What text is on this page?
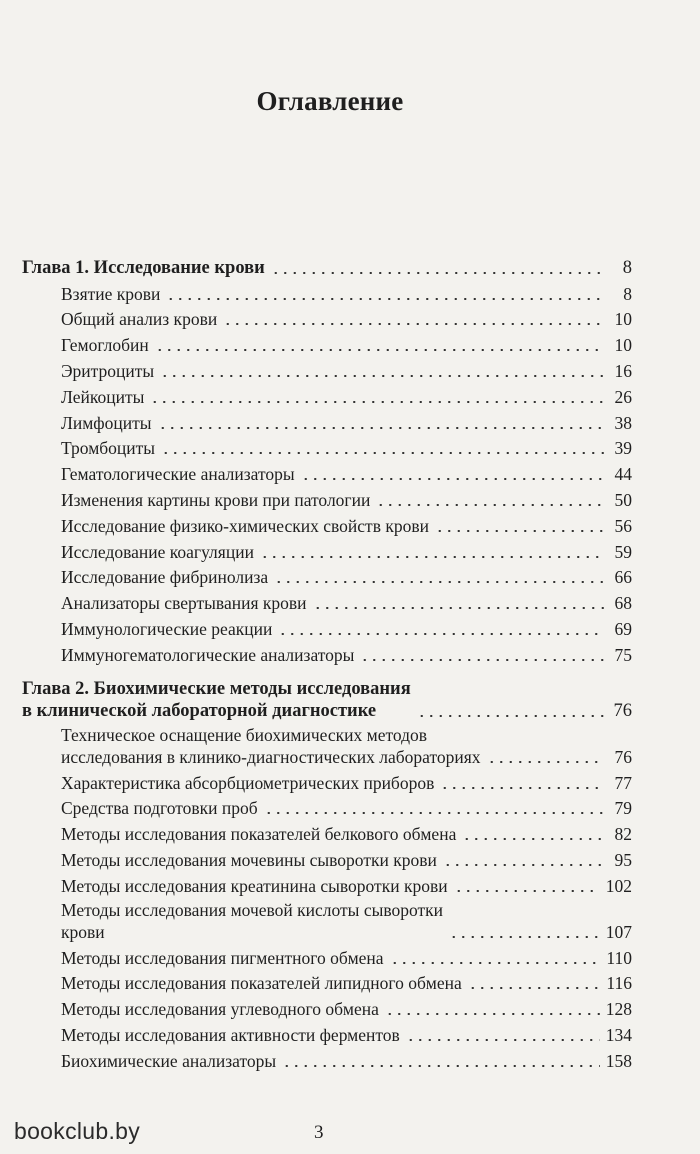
Оглавление
Глава 1. Исследование крови	8
Взятие крови	8
Общий анализ крови	10
Гемоглобин	10
Эритроциты	16
Лейкоциты	26
Лимфоциты	38
Тромбоциты	39
Гематологические анализаторы	44
Изменения картины крови при патологии	50
Исследование физико-химических свойств крови	56
Исследование коагуляции	59
Исследование фибринолиза	66
Анализаторы свертывания крови	68
Иммунологические реакции	69
Иммуногематологические анализаторы	75
Глава 2. Биохимические методы исследования
в клинической лабораторной диагностике	76
Техническое оснащение биохимических методов
исследования в клинико-диагностических лабораториях	76
Характеристика абсорбциометрических приборов	77
Средства подготовки проб	79
Методы исследования показателей белкового обмена	82
Методы исследования мочевины сыворотки крови	95
Методы исследования креатинина сыворотки крови	102
Методы исследования мочевой кислоты сыворотки
крови	107
Методы исследования пигментного обмена	110
Методы исследования показателей липидного обмена	116
Методы исследования углеводного обмена	128
Методы исследования активности ферментов	134
Биохимические анализаторы	158
bookclub.by	3
